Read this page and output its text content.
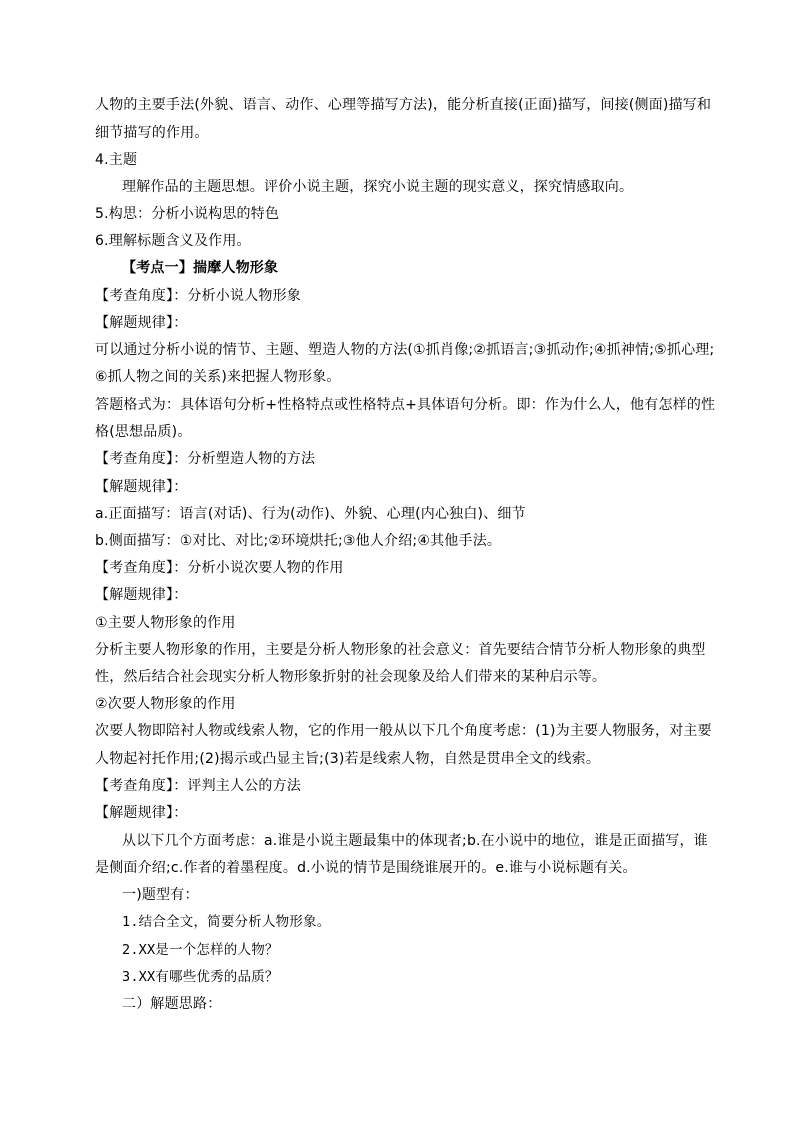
人物的主要手法(外貌、语言、动作、心理等描写方法)，能分析直接(正面)描写，间接(侧面)描写和
细节描写的作用。
4.主题
理解作品的主题思想。评价小说主题，探究小说主题的现实意义，探究情感取向。
5.构思：分析小说构思的特色
6.理解标题含义及作用。
【考点一】揣摩人物形象
【考查角度】：分析小说人物形象
【解题规律】：
可以通过分析小说的情节、主题、塑造人物的方法(①抓肖像;②抓语言;③抓动作;④抓神情;⑤抓心理;
⑥抓人物之间的关系)来把握人物形象。
答题格式为：具体语句分析+性格特点或性格特点+具体语句分析。即：作为什么人，他有怎样的性
格(思想品质)。
【考查角度】：分析塑造人物的方法
【解题规律】：
a.正面描写：语言(对话)、行为(动作)、外貌、心理(内心独白)、细节
b.侧面描写：①对比、对比;②环境烘托;③他人介绍;④其他手法。
【考查角度】：分析小说次要人物的作用
【解题规律】：
①主要人物形象的作用
分析主要人物形象的作用，主要是分析人物形象的社会意义：首先要结合情节分析人物形象的典型
性，然后结合社会现实分析人物形象折射的社会现象及给人们带来的某种启示等。
②次要人物形象的作用
次要人物即陪衬人物或线索人物，它的作用一般从以下几个角度考虑：(1)为主要人物服务，对主要
人物起衬托作用;(2)揭示或凸显主旨;(3)若是线索人物，自然是贯串全文的线索。
【考查角度】：评判主人公的方法
【解题规律】：
从以下几个方面考虑：a.谁是小说主题最集中的体现者;b.在小说中的地位，谁是正面描写，谁
是侧面介绍;c.作者的着墨程度。d.小说的情节是围绕谁展开的。e.谁与小说标题有关。
一)题型有：
1.结合全文，简要分析人物形象。
2.XX是一个怎样的人物？
3.XX有哪些优秀的品质？
二）解题思路：
